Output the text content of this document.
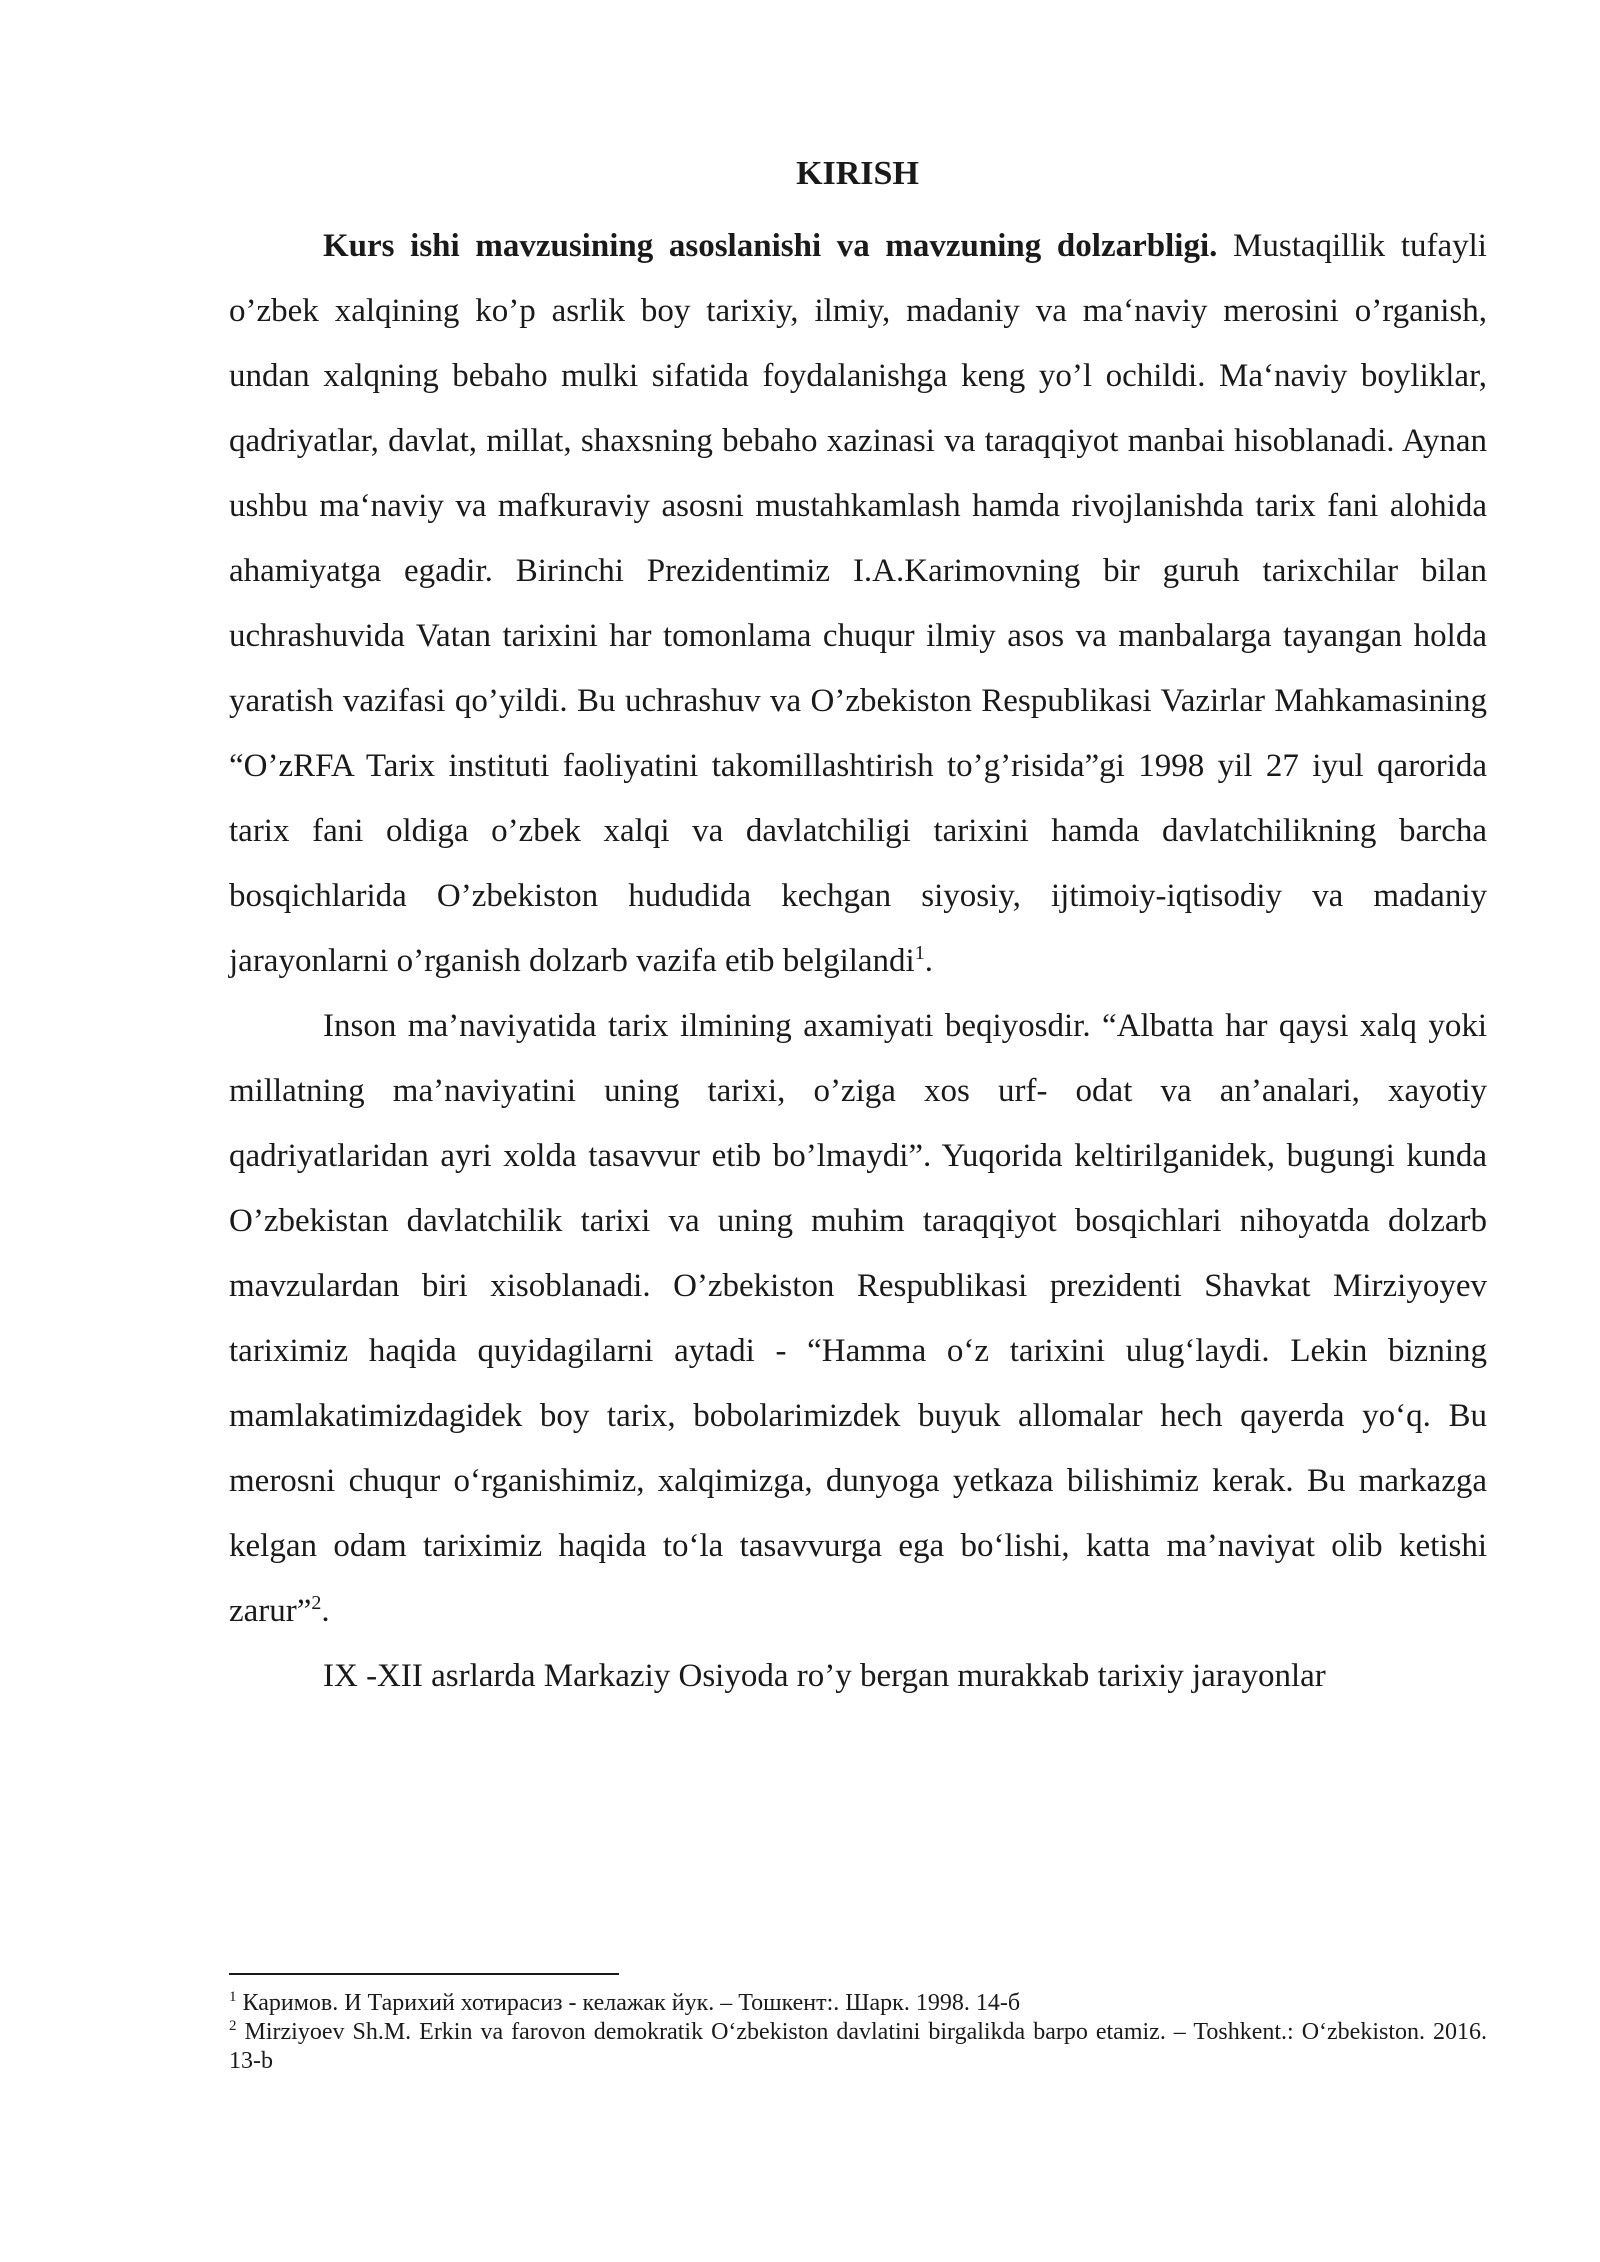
KIRISH

Kurs ishi mavzusining asoslanishi va mavzuning dolzarbligi. Mustaqillik tufayli o’zbek xalqining ko’p asrlik boy tarixiy, ilmiy, madaniy va ma‘naviy merosini o’rganish, undan xalqning bebaho mulki sifatida foydalanishga keng yo’l ochildi. Ma‘naviy boyliklar, qadriyatlar, davlat, millat, shaxsning bebaho xazinasi va taraqqiyot manbai hisoblanadi. Aynan ushbu ma‘naviy va mafkuraviy asosni mustahkamlash hamda rivojlanishda tarix fani alohida ahamiyatga egadir. Birinchi Prezidentimiz I.A.Karimovning bir guruh tarixchilar bilan uchrashuvida Vatan tarixini har tomonlama chuqur ilmiy asos va manbalarga tayangan holda yaratish vazifasi qo’yildi. Bu uchrashuv va O’zbekiston Respublikasi Vazirlar Mahkamasining “O’zRFA Tarix instituti faoliyatini takomillashtirish to’g’risida”gi 1998 yil 27 iyul qarorida tarix fani oldiga o’zbek xalqi va davlatchiligi tarixini hamda davlatchilikning barcha bosqichlarida O’zbekiston hududida kechgan siyosiy, ijtimoiy-iqtisodiy va madaniy jarayonlarni o’rganish dolzarb vazifa etib belgilandi$^1$.

Inson ma’naviyatida tarix ilmining axamiyati beqiyosdir. “Albatta har qaysi xalq yoki millatning ma’naviyatini uning tarixi, o’ziga xos urf- odat va an’analari, xayotiy qadriyatlaridan ayri xolda tasavvur etib bo’lmaydi”. Yuqorida keltirilganidek, bugungi kunda O’zbekistan davlatchilik tarixi va uning muhim taraqqiyot bosqichlari nihoyatda dolzarb mavzulardan biri xisoblanadi. O’zbekiston Respublikasi prezidenti Shavkat Mirziyoyev tariximiz haqida quyidagilarni aytadi - “Hamma o‘z tarixini ulug‘laydi. Lekin bizning mamlakatimizdagidek boy tarix, bobolarimizdek buyuk allomalar hech qayerda yo‘q. Bu merosni chuqur o‘rganishimiz, xalqimizga, dunyoga yetkaza bilishimiz kerak. Bu markazga kelgan odam tariximiz haqida to‘la tasavvurga ega bo‘lishi, katta ma’naviyat olib ketishi zarur”$^2$.

IX -XII asrlarda Markaziy Osiyoda ro’y bergan murakkab tarixiy jarayonlar

$^1$ Каримов. И Тарихий хотирасиз - келажак йук. – Тошкент:. Шарк. 1998. 14-б

$^2$ Mirziyoev Sh.M. Erkin va farovon demokratik O‘zbekiston davlatini birgalikda barpo etamiz. – Toshkent.: O‘zbekiston. 2016. 13-b
